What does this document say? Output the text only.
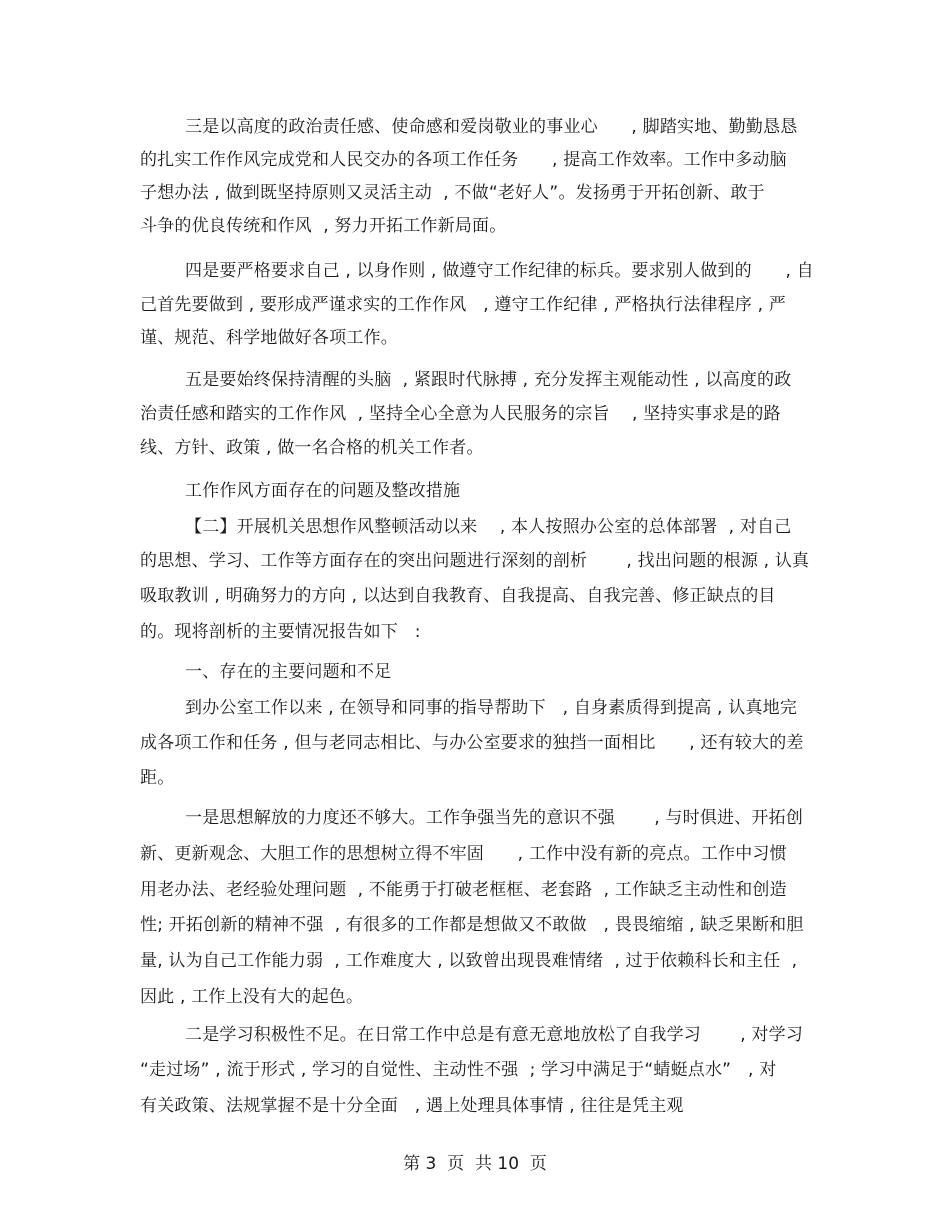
三是以高度的政治责任感、使命感和爱岗敬业的事业心      , 脚踏实地、勤勤恳恳
的扎实工作作风完成党和人民交办的各项工作任务      , 提高工作效率。工作中多动脑
子想办法 , 做到既坚持原则又灵活主动  , 不做“老好人”。发扬勇于开拓创新、敢于
斗争的优良传统和作风  , 努力开拓工作新局面。
四是要严格要求自己 , 以身作则 , 做遵守工作纪律的标兵。要求别人做到的      , 自
己首先要做到 , 要形成严谨求实的工作作风   , 遵守工作纪律 , 严格执行法律程序 , 严
谨、规范、科学地做好各项工作。
五是要始终保持清醒的头脑  , 紧跟时代脉搏 , 充分发挥主观能动性 , 以高度的政
治责任感和踏实的工作作风  , 坚持全心全意为人民服务的宗旨    , 坚持实事求是的路
线、方针、政策 , 做一名合格的机关工作者。
工作作风方面存在的问题及整改措施
【二】开展机关思想作风整顿活动以来    , 本人按照办公室的总体部署  , 对自己
的思想、学习、工作等方面存在的突出问题进行深刻的剖析       , 找出问题的根源 , 认真
吸取教训 , 明确努力的方向 , 以达到自我教育、自我提高、自我完善、修正缺点的目
的。现将剖析的主要情况报告如下   :
一、存在的主要问题和不足
到办公室工作以来 , 在领导和同事的指导帮助下   , 自身素质得到提高 , 认真地完
成各项工作和任务 , 但与老同志相比、与办公室要求的独挡一面相比      , 还有较大的差
距。
一是思想解放的力度还不够大。工作争强当先的意识不强       , 与时俱进、开拓创
新、更新观念、大胆工作的思想树立得不牢固      , 工作中没有新的亮点。工作中习惯
用老办法、老经验处理问题  , 不能勇于打破老框框、老套路  , 工作缺乏主动性和创造
性; 开拓创新的精神不强  , 有很多的工作都是想做又不敢做   , 畏畏缩缩 , 缺乏果断和胆
量, 认为自己工作能力弱  , 工作难度大 , 以致曾出现畏难情绪  , 过于依赖科长和主任  ,
因此 , 工作上没有大的起色。
二是学习积极性不足。在日常工作中总是有意无意地放松了自我学习       , 对学习
“走过场” , 流于形式 , 学习的自觉性、主动性不强  ; 学习中满足于“蜻蜓点水”   , 对
有关政策、法规掌握不是十分全面   , 遇上处理具体事情 , 往往是凭主观
第 3  页  共 10  页
